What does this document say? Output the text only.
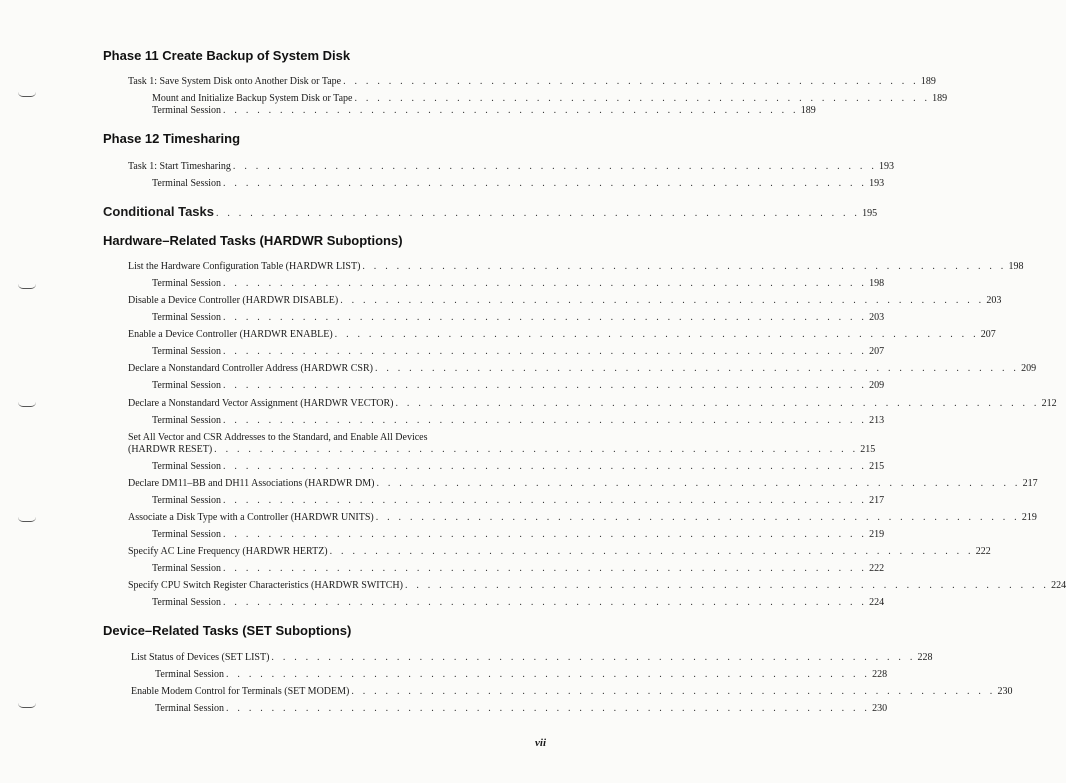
Phase 11 Create Backup of System Disk
Task 1: Save System Disk onto Another Disk or Tape . . . . . . . . . . . . . . . . . . . . . . . . . . . . . . . . . . . . . . . . . . . . . . . . . . . 189
Mount and Initialize Backup System Disk or Tape . . . . . . . . . . . . . . . . . . . . . . . . . . . . . . . . . . . . . . . . . . . . . . . . . . . 189
Terminal Session . . . . . . . . . . . . . . . . . . . . . . . . . . . . . . . . . . . . . . . . . . . . . . . . . . . 189
Phase 12 Timesharing
Task 1: Start Timesharing . . . . . . . . . . . . . . . . . . . . . . . . . . . . . . . . . . . . . . . . . . . . . . . . . . . . . . . . . 193
Terminal Session . . . . . . . . . . . . . . . . . . . . . . . . . . . . . . . . . . . . . . . . . . . . . . . . . . . . . . . . . 193
Conditional Tasks . . . . . . . . . . . . . . . . . . . . . . . . . . . . . . . . . . . . . . . . . . . . . . . . . . . . . . . . . 195
Hardware–Related Tasks (HARDWR Suboptions)
List the Hardware Configuration Table (HARDWR LIST) . . . . . . . . . . . . . . . . . . . . . . . . . . . . . . . . . . . . . . . . . . . . . . . . . . . . . . . . . 198
Terminal Session . . . . . . . . . . . . . . . . . . . . . . . . . . . . . . . . . . . . . . . . . . . . . . . . . . . . . . . . . 198
Disable a Device Controller (HARDWR DISABLE) . . . . . . . . . . . . . . . . . . . . . . . . . . . . . . . . . . . . . . . . . . . . . . . . . . . . . . . . . 203
Terminal Session . . . . . . . . . . . . . . . . . . . . . . . . . . . . . . . . . . . . . . . . . . . . . . . . . . . . . . . . . 203
Enable a Device Controller (HARDWR ENABLE) . . . . . . . . . . . . . . . . . . . . . . . . . . . . . . . . . . . . . . . . . . . . . . . . . . . . . . . . . 207
Terminal Session . . . . . . . . . . . . . . . . . . . . . . . . . . . . . . . . . . . . . . . . . . . . . . . . . . . . . . . . . 207
Declare a Nonstandard Controller Address (HARDWR CSR) . . . . . . . . . . . . . . . . . . . . . . . . . . . . . . . . . . . . . . . . . . . . . . . . . . . . . . . . . 209
Terminal Session . . . . . . . . . . . . . . . . . . . . . . . . . . . . . . . . . . . . . . . . . . . . . . . . . . . . . . . . . 209
Declare a Nonstandard Vector Assignment (HARDWR VECTOR) . . . . . . . . . . . . . . . . . . . . . . . . . . . . . . . . . . . . . . . . . . . . . . . . . . . . . . . . . 212
Terminal Session . . . . . . . . . . . . . . . . . . . . . . . . . . . . . . . . . . . . . . . . . . . . . . . . . . . . . . . . . 213
Set All Vector and CSR Addresses to the Standard, and Enable All Devices
(HARDWR RESET) . . . . . . . . . . . . . . . . . . . . . . . . . . . . . . . . . . . . . . . . . . . . . . . . . . . . . . . . . 215
Terminal Session . . . . . . . . . . . . . . . . . . . . . . . . . . . . . . . . . . . . . . . . . . . . . . . . . . . . . . . . . 215
Declare DM11–BB and DH11 Associations (HARDWR DM) . . . . . . . . . . . . . . . . . . . . . . . . . . . . . . . . . . . . . . . . . . . . . . . . . . . . . . . . . 217
Terminal Session . . . . . . . . . . . . . . . . . . . . . . . . . . . . . . . . . . . . . . . . . . . . . . . . . . . . . . . . . 217
Associate a Disk Type with a Controller (HARDWR UNITS) . . . . . . . . . . . . . . . . . . . . . . . . . . . . . . . . . . . . . . . . . . . . . . . . . . . . . . . . . 219
Terminal Session . . . . . . . . . . . . . . . . . . . . . . . . . . . . . . . . . . . . . . . . . . . . . . . . . . . . . . . . . 219
Specify AC Line Frequency (HARDWR HERTZ) . . . . . . . . . . . . . . . . . . . . . . . . . . . . . . . . . . . . . . . . . . . . . . . . . . . . . . . . . 222
Terminal Session . . . . . . . . . . . . . . . . . . . . . . . . . . . . . . . . . . . . . . . . . . . . . . . . . . . . . . . . . 222
Specify CPU Switch Register Characteristics (HARDWR SWITCH) . . . . . . . . . . . . . . . . . . . . . . . . . . . . . . . . . . . . . . . . . . . . . . . . . . . . . . . . . 224
Terminal Session . . . . . . . . . . . . . . . . . . . . . . . . . . . . . . . . . . . . . . . . . . . . . . . . . . . . . . . . . 224
Device–Related Tasks (SET Suboptions)
List Status of Devices (SET LIST) . . . . . . . . . . . . . . . . . . . . . . . . . . . . . . . . . . . . . . . . . . . . . . . . . . . . . . . . . 228
Terminal Session . . . . . . . . . . . . . . . . . . . . . . . . . . . . . . . . . . . . . . . . . . . . . . . . . . . . . . . . . 228
Enable Modem Control for Terminals (SET MODEM) . . . . . . . . . . . . . . . . . . . . . . . . . . . . . . . . . . . . . . . . . . . . . . . . . . . . . . . . . 230
Terminal Session . . . . . . . . . . . . . . . . . . . . . . . . . . . . . . . . . . . . . . . . . . . . . . . . . . . . . . . . . 230
vii
